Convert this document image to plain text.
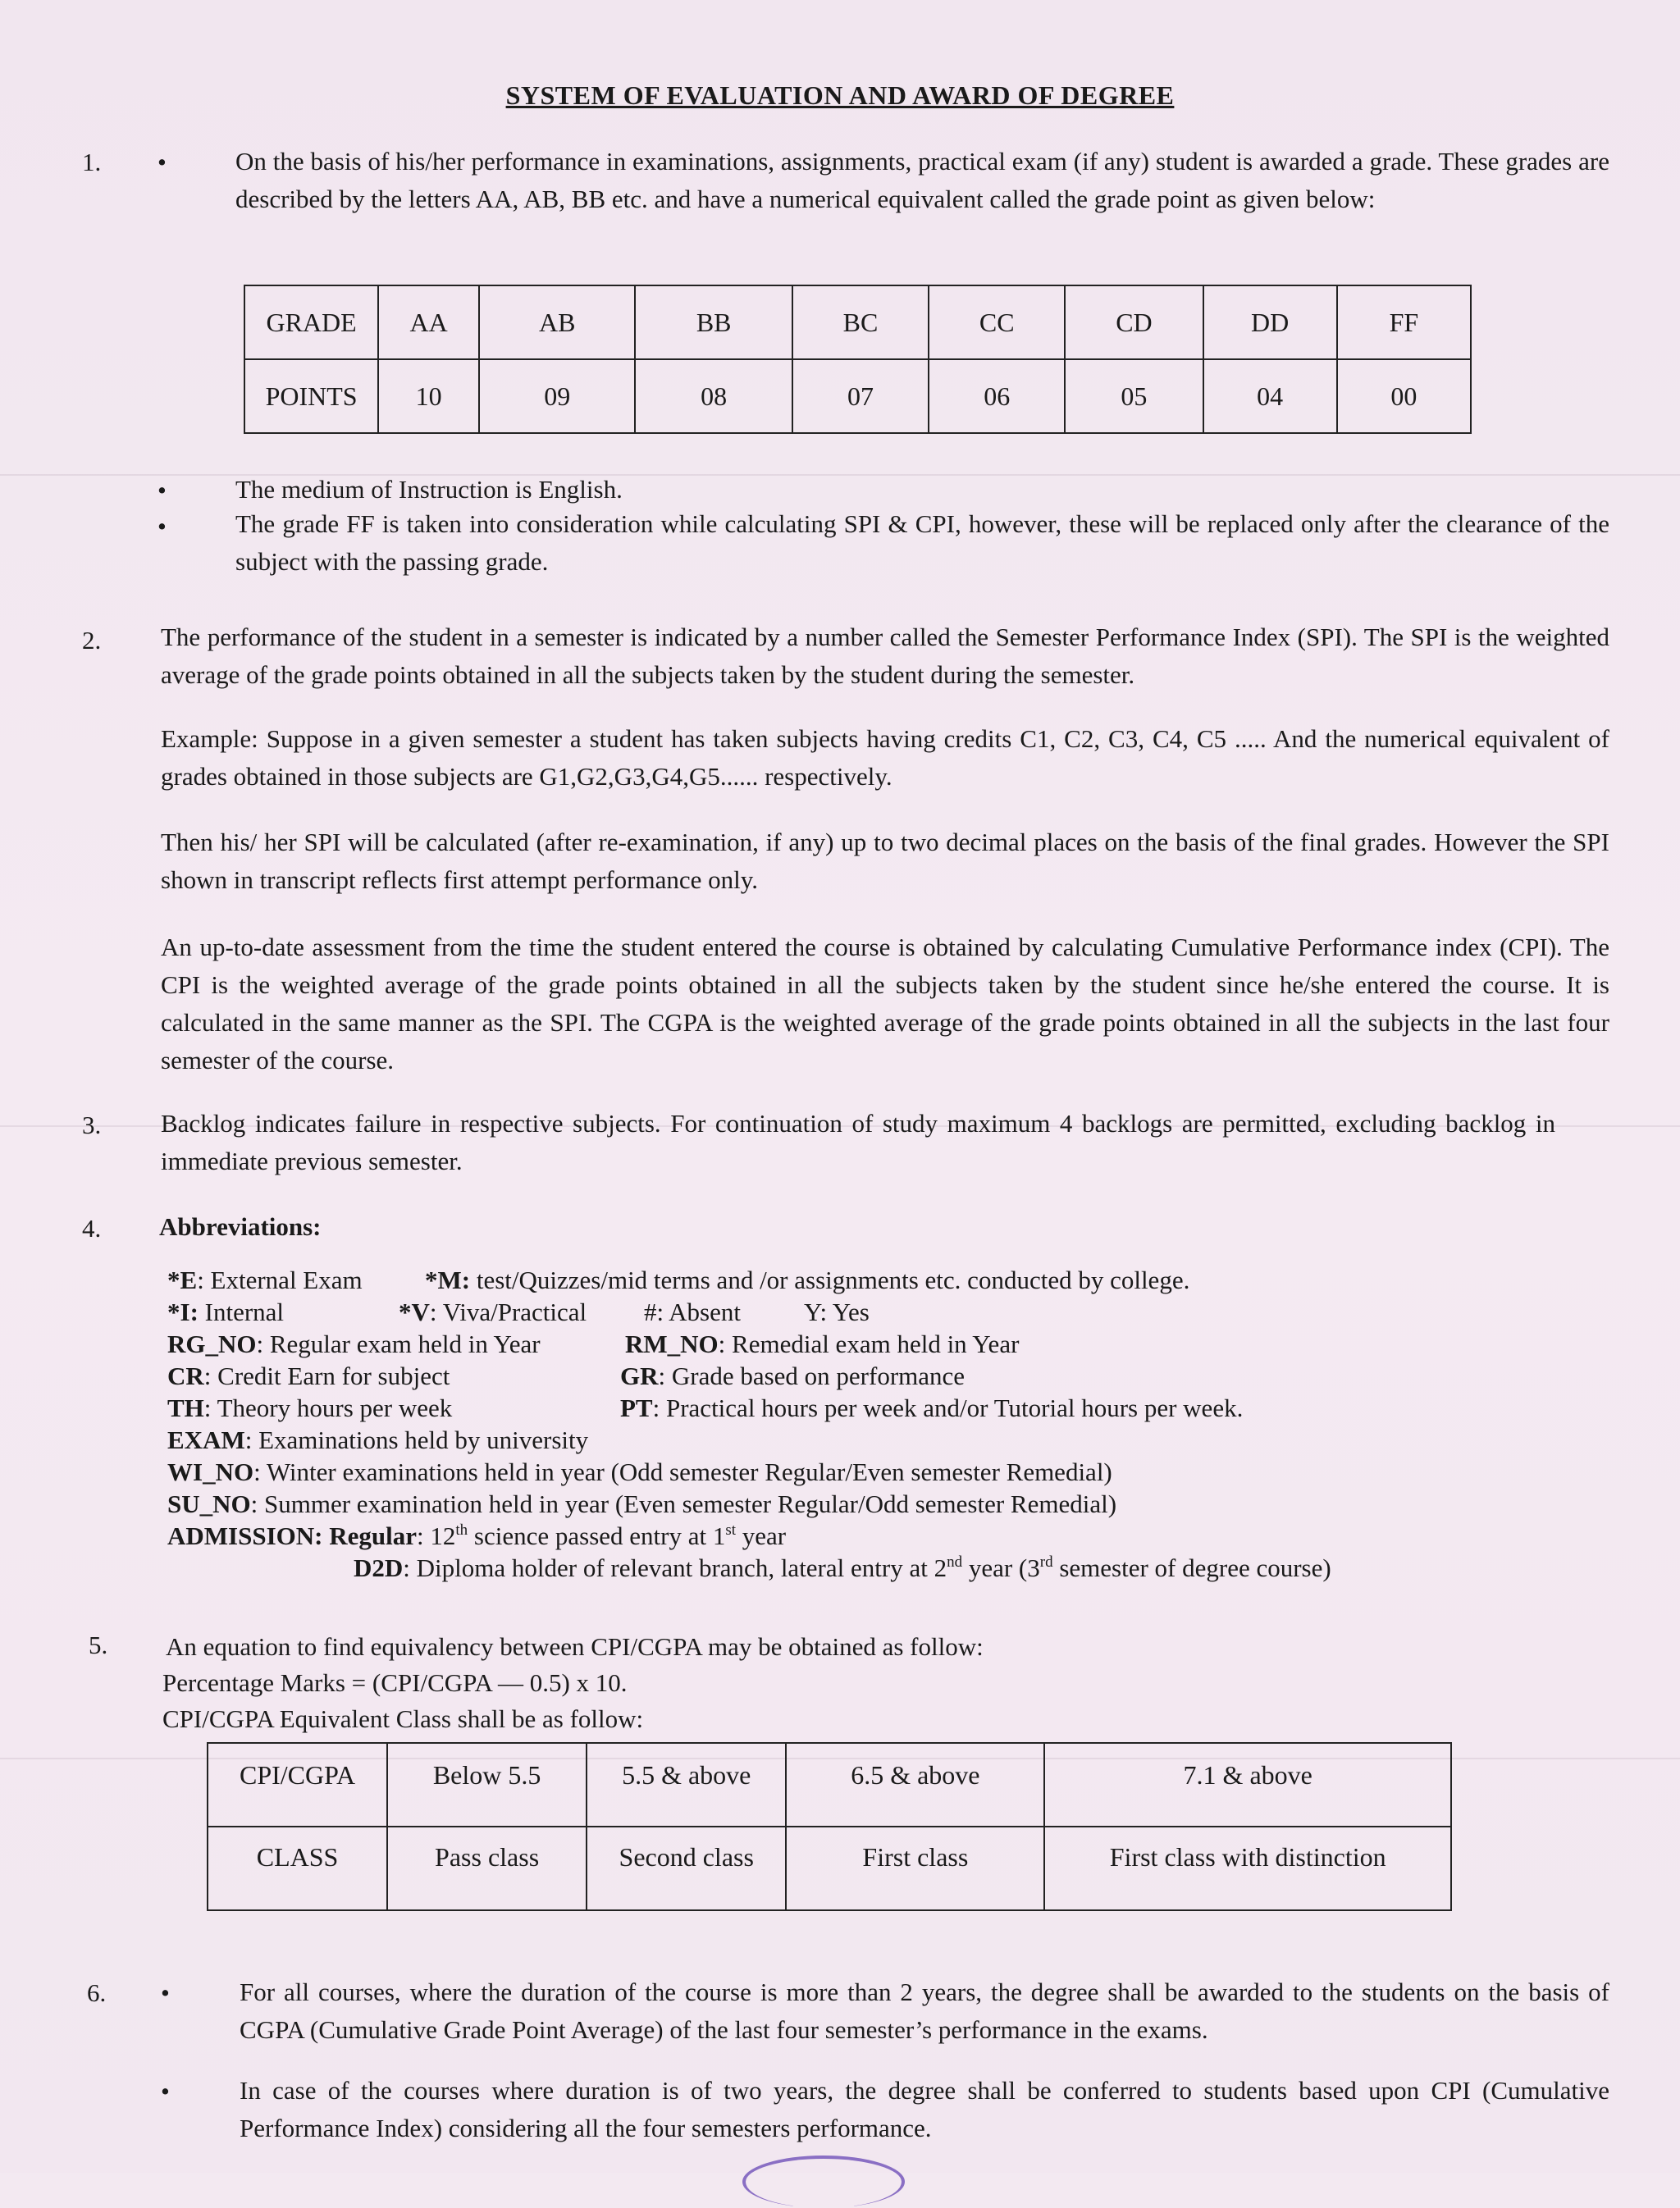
SYSTEM OF EVALUATION AND AWARD OF DEGREE
1. •	On the basis of his/her performance in examinations, assignments, practical exam (if any) student is awarded a grade. These grades are described by the letters AA, AB, BB etc. and have a numerical equivalent called the grade point as given below:
GRADE	AA	AB	BB	BC	CC	CD	DD	FF
POINTS	10	09	08	07	06	05	04	00
•	The medium of Instruction is English.
•	The grade FF is taken into consideration while calculating SPI & CPI, however, these will be replaced only after the clearance of the subject with the passing grade.
2. The performance of the student in a semester is indicated by a number called the Semester Performance Index (SPI). The SPI is the weighted average of the grade points obtained in all the subjects taken by the student during the semester.
Example: Suppose in a given semester a student has taken subjects having credits C1, C2, C3, C4, C5 ..... And the numerical equivalent of grades obtained in those subjects are G1,G2,G3,G4,G5...... respectively.
Then his/ her SPI will be calculated (after re-examination, if any) up to two decimal places on the basis of the final grades. However the SPI shown in transcript reflects first attempt performance only.
An up-to-date assessment from the time the student entered the course is obtained by calculating Cumulative Performance index (CPI). The CPI is the weighted average of the grade points obtained in all the subjects taken by the student since he/she entered the course. It is calculated in the same manner as the SPI. The CGPA is the weighted average of the grade points obtained in all the subjects in the last four semester of the course.
3. Backlog indicates failure in respective subjects. For continuation of study maximum 4 backlogs are permitted, excluding backlog in immediate previous semester.
4. Abbreviations:
*E: External Exam *M: test/Quizzes/mid terms and /or assignments etc. conducted by college.
*I: Internal	*V: Viva/Practical #: Absent Y: Yes
RG_NO: Regular exam held in Year	RM_NO: Remedial exam held in Year
CR: Credit Earn for subject	GR: Grade based on performance
TH: Theory hours per week	PT: Practical hours per week and/or Tutorial hours per week.
EXAM: Examinations held by university
WI_NO: Winter examinations held in year (Odd semester Regular/Even semester Remedial)
SU_NO: Summer examination held in year (Even semester Regular/Odd semester Remedial)
ADMISSION: Regular: 12th science passed entry at 1st year
D2D: Diploma holder of relevant branch, lateral entry at 2nd year (3rd semester of degree course)
5. An equation to find equivalency between CPI/CGPA may be obtained as follow:
Percentage Marks = (CPI/CGPA — 0.5) x 10.
CPI/CGPA Equivalent Class shall be as follow:
CPI/CGPA	Below 5.5	5.5 & above	6.5 & above	7.1 & above
CLASS	Pass class	Second class	First class	First class with distinction
6. •	For all courses, where the duration of the course is more than 2 years, the degree shall be awarded to the students on the basis of CGPA (Cumulative Grade Point Average) of the last four semester’s performance in the exams.
•	In case of the courses where duration is of two years, the degree shall be conferred to students based upon CPI (Cumulative Performance Index) considering all the four semesters performance.
